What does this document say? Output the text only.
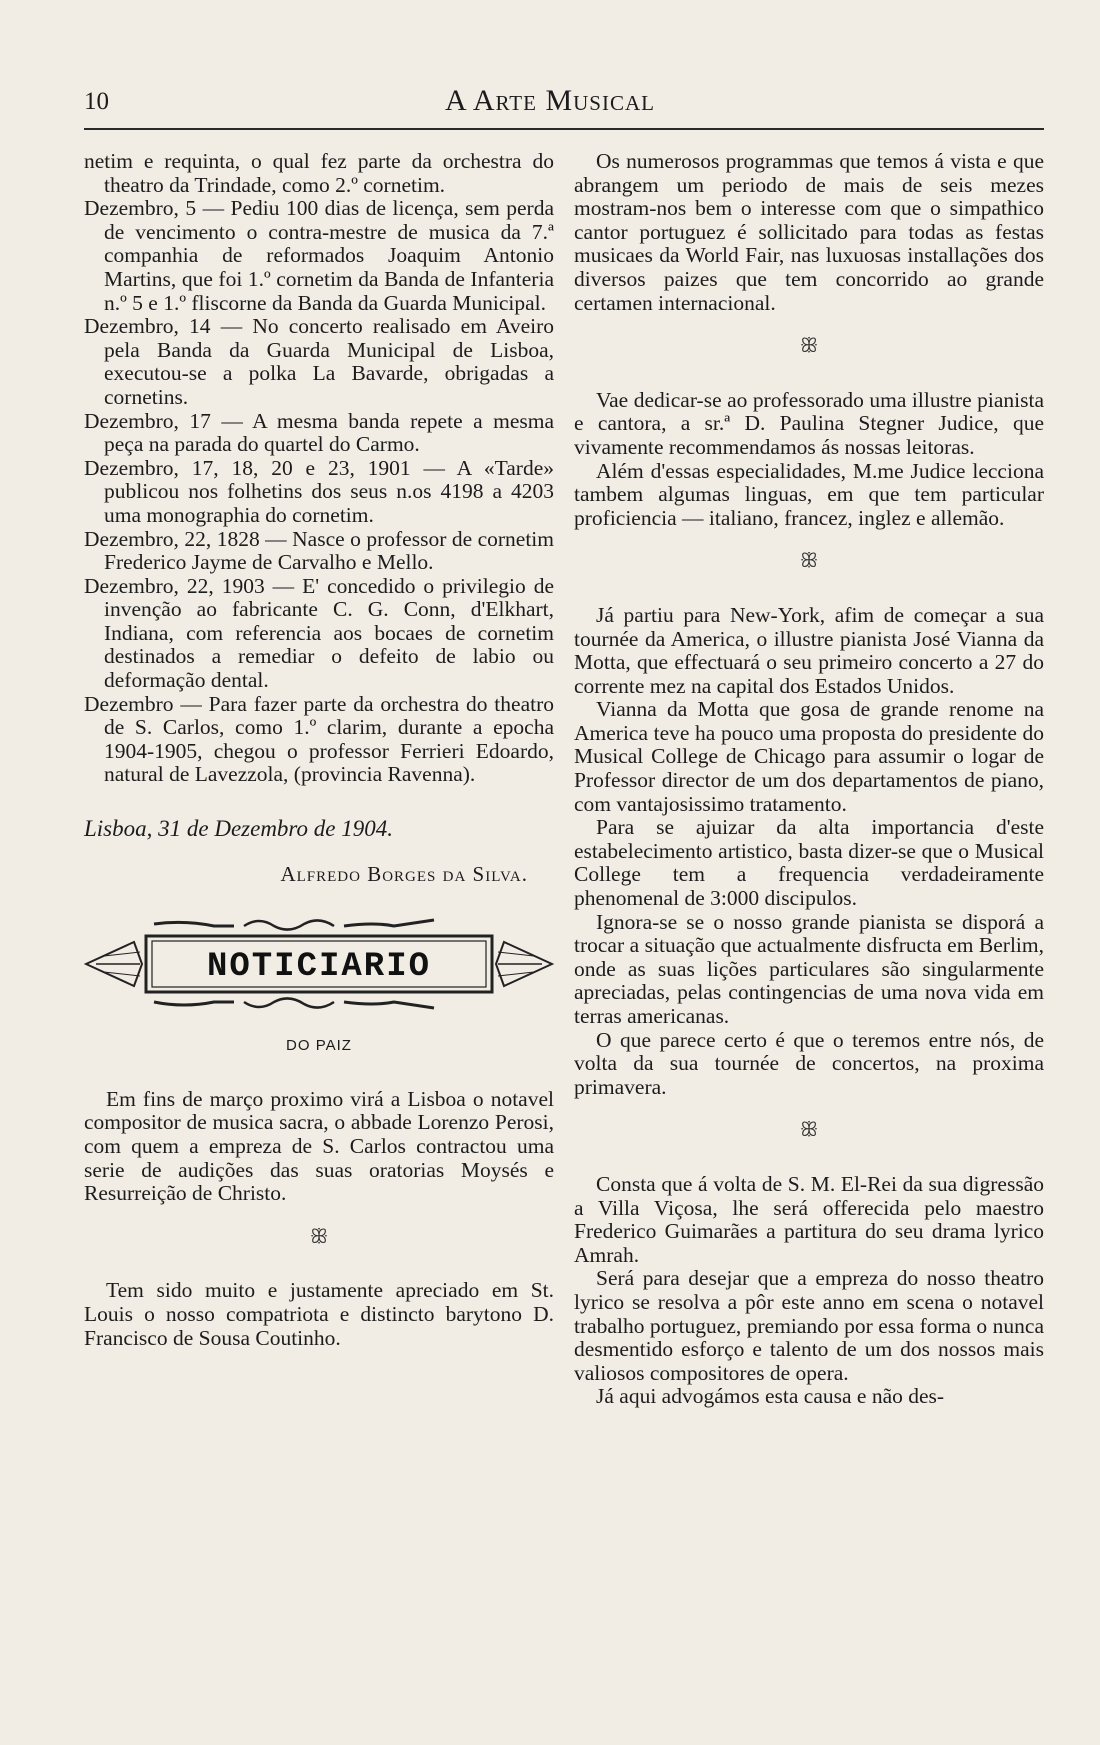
10	A Arte Musical

netim e requinta, o qual fez parte da orchestra do theatro da Trindade, como 2.º cornetim.

Dezembro, 5 — Pediu 100 dias de licença, sem perda de vencimento o contra-mestre de musica da 7.ª companhia de reformados Joaquim Antonio Martins, que foi 1.º cornetim da Banda de Infanteria n.º 5 e 1.º fliscorne da Banda da Guarda Municipal.

Dezembro, 14 — No concerto realisado em Aveiro pela Banda da Guarda Municipal de Lisboa, executou-se a polka La Bavarde, obrigadas a cornetins.

Dezembro, 17 — A mesma banda repete a mesma peça na parada do quartel do Carmo.

Dezembro, 17, 18, 20 e 23, 1901 — A «Tarde» publicou nos folhetins dos seus n.os 4198 a 4203 uma monographia do cornetim.

Dezembro, 22, 1828 — Nasce o professor de cornetim Frederico Jayme de Carvalho e Mello.

Dezembro, 22, 1903 — E' concedido o privilegio de invenção ao fabricante C. G. Conn, d'Elkhart, Indiana, com referencia aos bocaes de cornetim destinados a remediar o defeito de labio ou deformação dental.

Dezembro — Para fazer parte da orchestra do theatro de S. Carlos, como 1.º clarim, durante a epocha 1904-1905, chegou o professor Ferrieri Edoardo, natural de Lavezzola, (provincia Ravenna).

Lisboa, 31 de Dezembro de 1904.

Alfredo Borges da Silva.

NOTICIARIO

DO PAIZ

Em fins de março proximo virá a Lisboa o notavel compositor de musica sacra, o abbade Lorenzo Perosi, com quem a empreza de S. Carlos contractou uma serie de audições das suas oratorias Moysés e Resurreição de Christo.

ꕥ

Tem sido muito e justamente apreciado em St. Louis o nosso compatriota e distincto barytono D. Francisco de Sousa Coutinho.

Os numerosos programmas que temos á vista e que abrangem um periodo de mais de seis mezes mostram-nos bem o interesse com que o simpathico cantor portuguez é sollicitado para todas as festas musicaes da World Fair, nas luxuosas installações dos diversos paizes que tem concorrido ao grande certamen internacional.

ꕥ

Vae dedicar-se ao professorado uma illustre pianista e cantora, a sr.ª D. Paulina Stegner Judice, que vivamente recommendamos ás nossas leitoras.

Além d'essas especialidades, M.me Judice lecciona tambem algumas linguas, em que tem particular proficiencia — italiano, francez, inglez e allemão.

ꕥ

Já partiu para New-York, afim de começar a sua tournée da America, o illustre pianista José Vianna da Motta, que effectuará o seu primeiro concerto a 27 do corrente mez na capital dos Estados Unidos.

Vianna da Motta que gosa de grande renome na America teve ha pouco uma proposta do presidente do Musical College de Chicago para assumir o logar de Professor director de um dos departamentos de piano, com vantajosissimo tratamento.

Para se ajuizar da alta importancia d'este estabelecimento artistico, basta dizer-se que o Musical College tem a frequencia verdadeiramente phenomenal de 3:000 discipulos.

Ignora-se se o nosso grande pianista se disporá a trocar a situação que actualmente disfructa em Berlim, onde as suas lições particulares são singularmente apreciadas, pelas contingencias de uma nova vida em terras americanas.

O que parece certo é que o teremos entre nós, de volta da sua tournée de concertos, na proxima primavera.

ꕥ

Consta que á volta de S. M. El-Rei da sua digressão a Villa Viçosa, lhe será offerecida pelo maestro Frederico Guimarães a partitura do seu drama lyrico Amrah.

Será para desejar que a empreza do nosso theatro lyrico se resolva a pôr este anno em scena o notavel trabalho portuguez, premiando por essa forma o nunca desmentido esforço e talento de um dos nossos mais valiosos compositores de opera.

Já aqui advogámos esta causa e não des-
